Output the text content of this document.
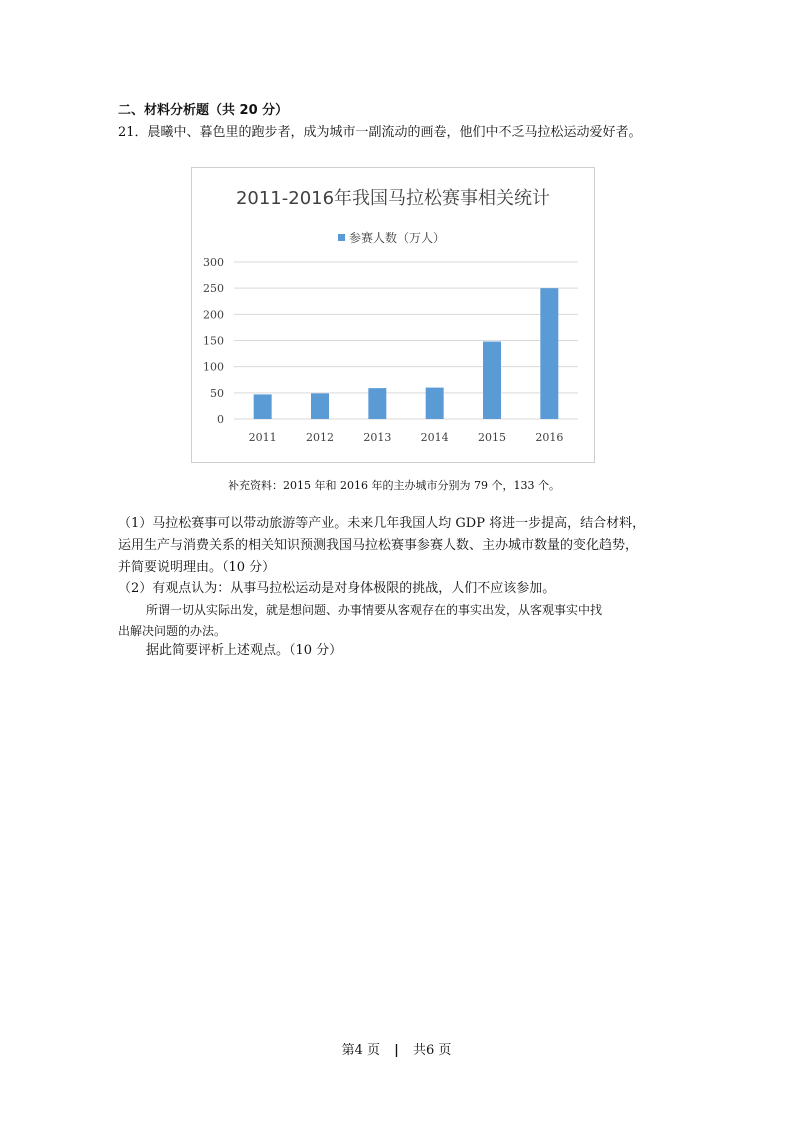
二、材料分析题（共 20 分）
21．晨曦中、暮色里的跑步者，成为城市一副流动的画卷，他们中不乏马拉松运动爱好者。
2011-2016年我国马拉松赛事相关统计
参赛人数（万人）
0
50
100
150
200
250
300
2011	2012	2013	2014	2015	2016
补充资料：2015 年和 2016 年的主办城市分别为 79 个，133 个。
（1）马拉松赛事可以带动旅游等产业。未来几年我国人均 GDP 将进一步提高，结合材料，
运用生产与消费关系的相关知识预测我国马拉松赛事参赛人数、主办城市数量的变化趋势，
并简要说明理由。（10 分）
（2）有观点认为：从事马拉松运动是对身体极限的挑战，人们不应该参加。
所谓一切从实际出发，就是想问题、办事情要从客观存在的事实出发，从客观事实中找
出解决问题的办法。
据此简要评析上述观点。（10 分）
第4 页 | 共6 页
